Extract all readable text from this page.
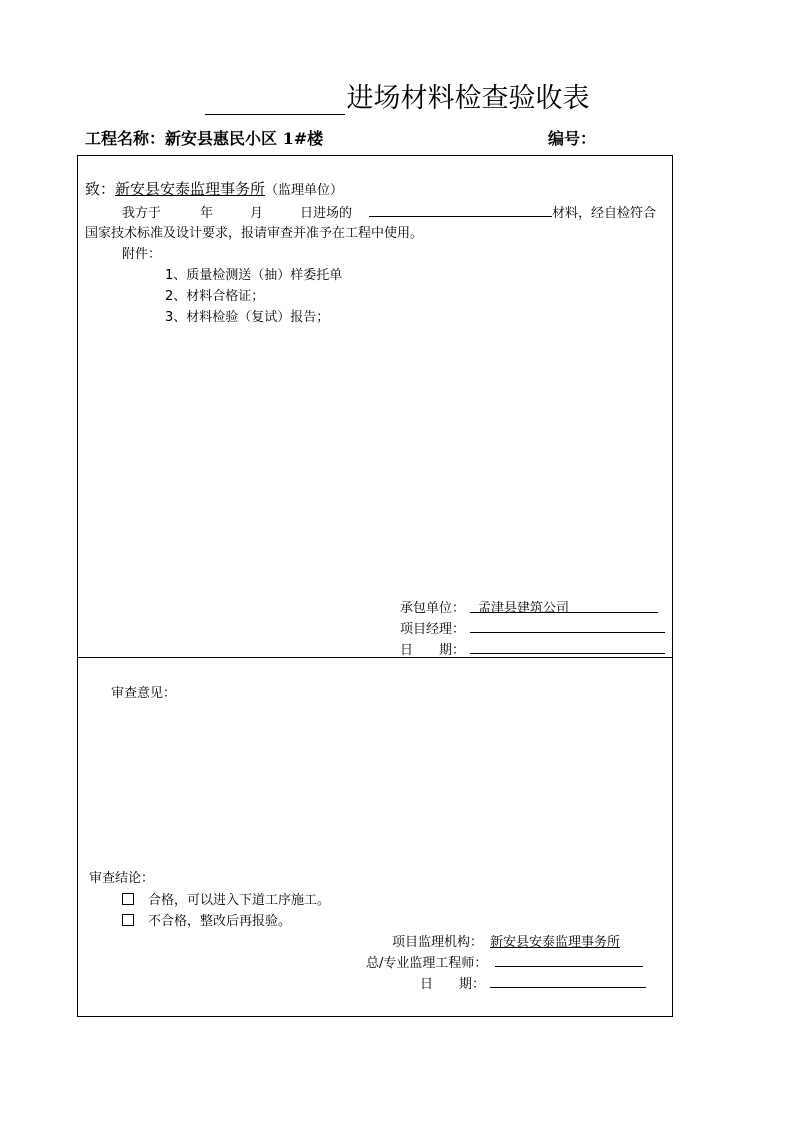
进场材料检查验收表
工程名称：新安县惠民小区 1#楼	编号：
致：新安县安泰监理事务所（监理单位）
我方于	年	月	日进场的	材料，经自检符合
国家技术标准及设计要求，报请审查并准予在工程中使用。
附件：
1、质量检测送（抽）样委托单
2、材料合格证；
3、材料检验（复试）报告；
承包单位： 孟津县建筑公司
项目经理：
日　　期：
审查意见：
审查结论：
合格，可以进入下道工序施工。
不合格，整改后再报验。
项目监理机构： 新安县安泰监理事务所
总/专业监理工程师：
日　　期：
